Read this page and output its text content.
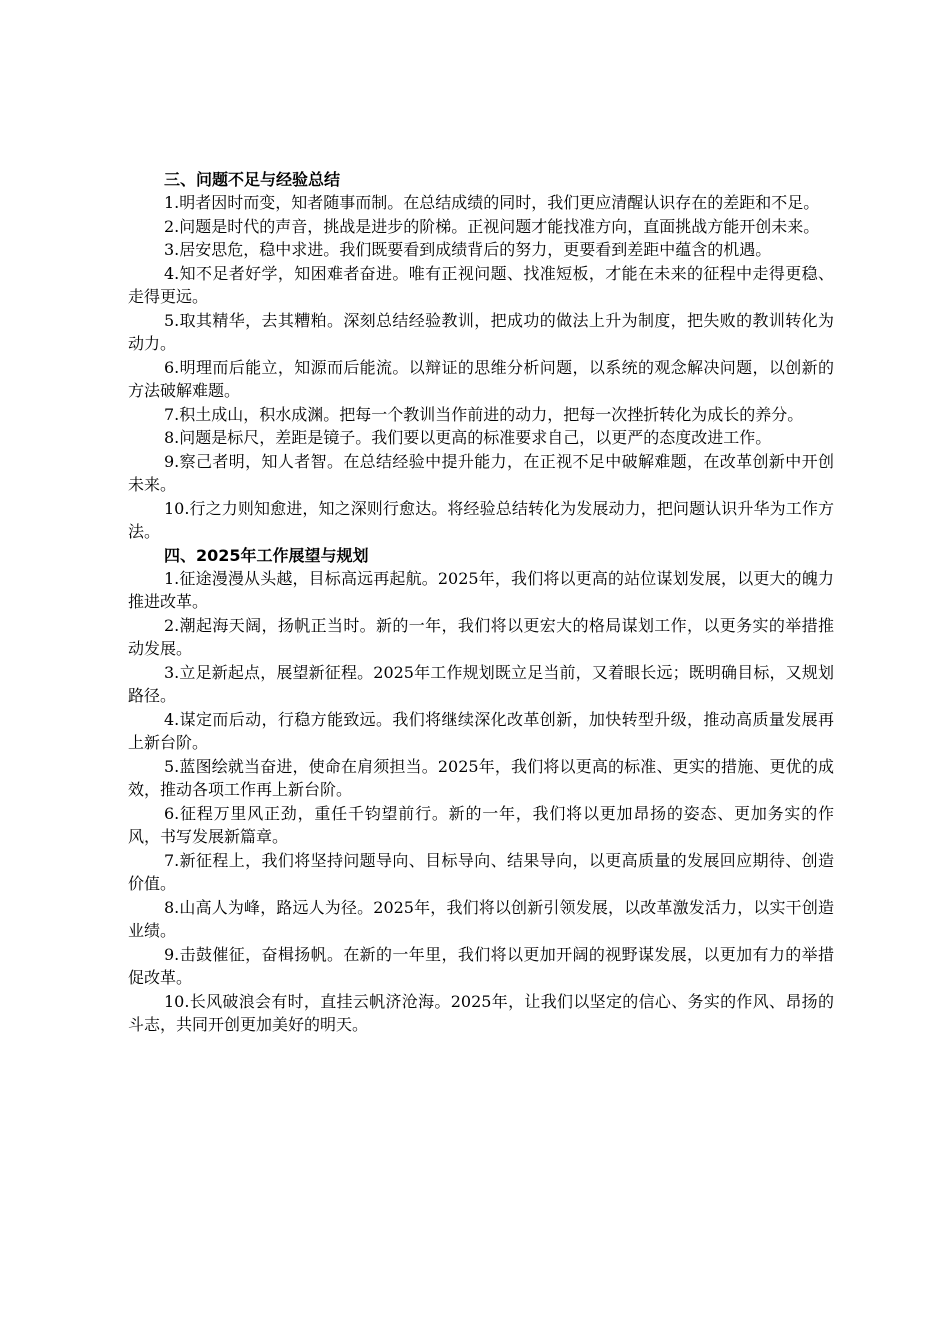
三、问题不足与经验总结

1.明者因时而变，知者随事而制。在总结成绩的同时，我们更应清醒认识存在的差距和不足。

2.问题是时代的声音，挑战是进步的阶梯。正视问题才能找准方向，直面挑战方能开创未来。

3.居安思危，稳中求进。我们既要看到成绩背后的努力，更要看到差距中蕴含的机遇。

4.知不足者好学，知困难者奋进。唯有正视问题、找准短板，才能在未来的征程中走得更稳、走得更远。

5.取其精华，去其糟粕。深刻总结经验教训，把成功的做法上升为制度，把失败的教训转化为动力。

6.明理而后能立，知源而后能流。以辩证的思维分析问题，以系统的观念解决问题，以创新的方法破解难题。

7.积土成山，积水成渊。把每一个教训当作前进的动力，把每一次挫折转化为成长的养分。

8.问题是标尺，差距是镜子。我们要以更高的标准要求自己，以更严的态度改进工作。

9.察己者明，知人者智。在总结经验中提升能力，在正视不足中破解难题，在改革创新中开创未来。

10.行之力则知愈进，知之深则行愈达。将经验总结转化为发展动力，把问题认识升华为工作方法。

四、2025年工作展望与规划

1.征途漫漫从头越，目标高远再起航。2025年，我们将以更高的站位谋划发展，以更大的魄力推进改革。

2.潮起海天阔，扬帆正当时。新的一年，我们将以更宏大的格局谋划工作，以更务实的举措推动发展。

3.立足新起点，展望新征程。2025年工作规划既立足当前，又着眼长远；既明确目标，又规划路径。

4.谋定而后动，行稳方能致远。我们将继续深化改革创新，加快转型升级，推动高质量发展再上新台阶。

5.蓝图绘就当奋进，使命在肩须担当。2025年，我们将以更高的标准、更实的措施、更优的成效，推动各项工作再上新台阶。

6.征程万里风正劲，重任千钧望前行。新的一年，我们将以更加昂扬的姿态、更加务实的作风，书写发展新篇章。

7.新征程上，我们将坚持问题导向、目标导向、结果导向，以更高质量的发展回应期待、创造价值。

8.山高人为峰，路远人为径。2025年，我们将以创新引领发展，以改革激发活力，以实干创造业绩。

9.击鼓催征，奋楫扬帆。在新的一年里，我们将以更加开阔的视野谋发展，以更加有力的举措促改革。

10.长风破浪会有时，直挂云帆济沧海。2025年，让我们以坚定的信心、务实的作风、昂扬的斗志，共同开创更加美好的明天。
